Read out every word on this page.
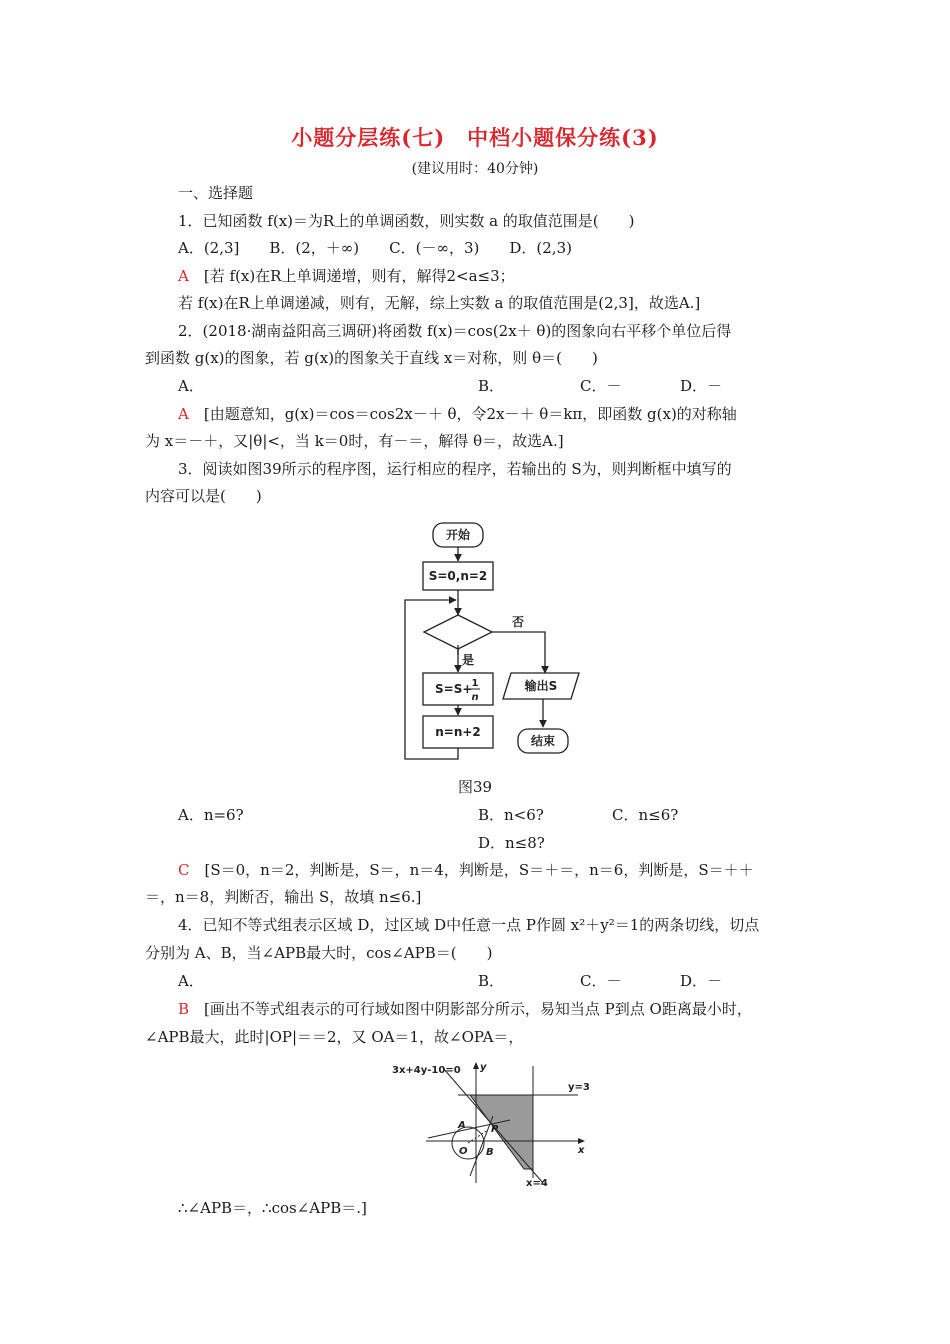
小题分层练(七)　中档小题保分练(3)
(建议用时：40分钟)
一、选择题
1．已知函数 f(x)＝为R上的单调函数，则实数 a 的取值范围是(　　)
A．(2,3]　　B．(2，＋∞)　　C．(－∞，3)　　D．(2,3)
A　[若 f(x)在R上单调递增，则有，解得2<a≤3；
若 f(x)在R上单调递减，则有，无解，综上实数 a 的取值范围是(2,3]，故选A.]
2．(2018·湖南益阳高三调研)将函数 f(x)＝cos(2x＋ θ)的图象向右平移个单位后得
到函数 g(x)的图象，若 g(x)的图象关于直线 x＝对称，则 θ＝(　　)
A．	B．	C．－	D．－
A　[由题意知，g(x)＝cos＝cos2x－＋ θ，令2x－＋ θ＝kπ，即函数 g(x)的对称轴
为 x＝－＋，又|θ|<，当 k＝0时，有－＝，解得 θ＝，故选A.]
3．阅读如图39所示的程序图，运行相应的程序，若输出的 S为，则判断框中填写的
内容可以是(　　)
开始
S=0,n=2
否
是
S=S+ 1
n
输出S
n=n+2
结束
图39
A．n=6?	B．n<6?	C．n≤6?
D．n≤8?
C　[S＝0，n＝2，判断是，S＝，n＝4，判断是，S＝＋＝，n＝6，判断是，S＝＋＋
＝，n＝8，判断否，输出 S，故填 n≤6.]
4．已知不等式组表示区域 D，过区域 D中任意一点 P作圆 x²＋y²＝1的两条切线，切点
分别为 A、B，当∠APB最大时，cos∠APB＝(　　)
A．	B．	C．－	D．－
B　[画出不等式组表示的可行域如图中阴影部分所示，易知当点 P到点 O距离最小时，
∠APB最大，此时|OP|＝＝2，又 OA＝1，故∠OPA＝，
3x+4y-10=0 y
x
y=3
x=4
A	P
O B
∴∠APB＝，∴cos∠APB＝.]
